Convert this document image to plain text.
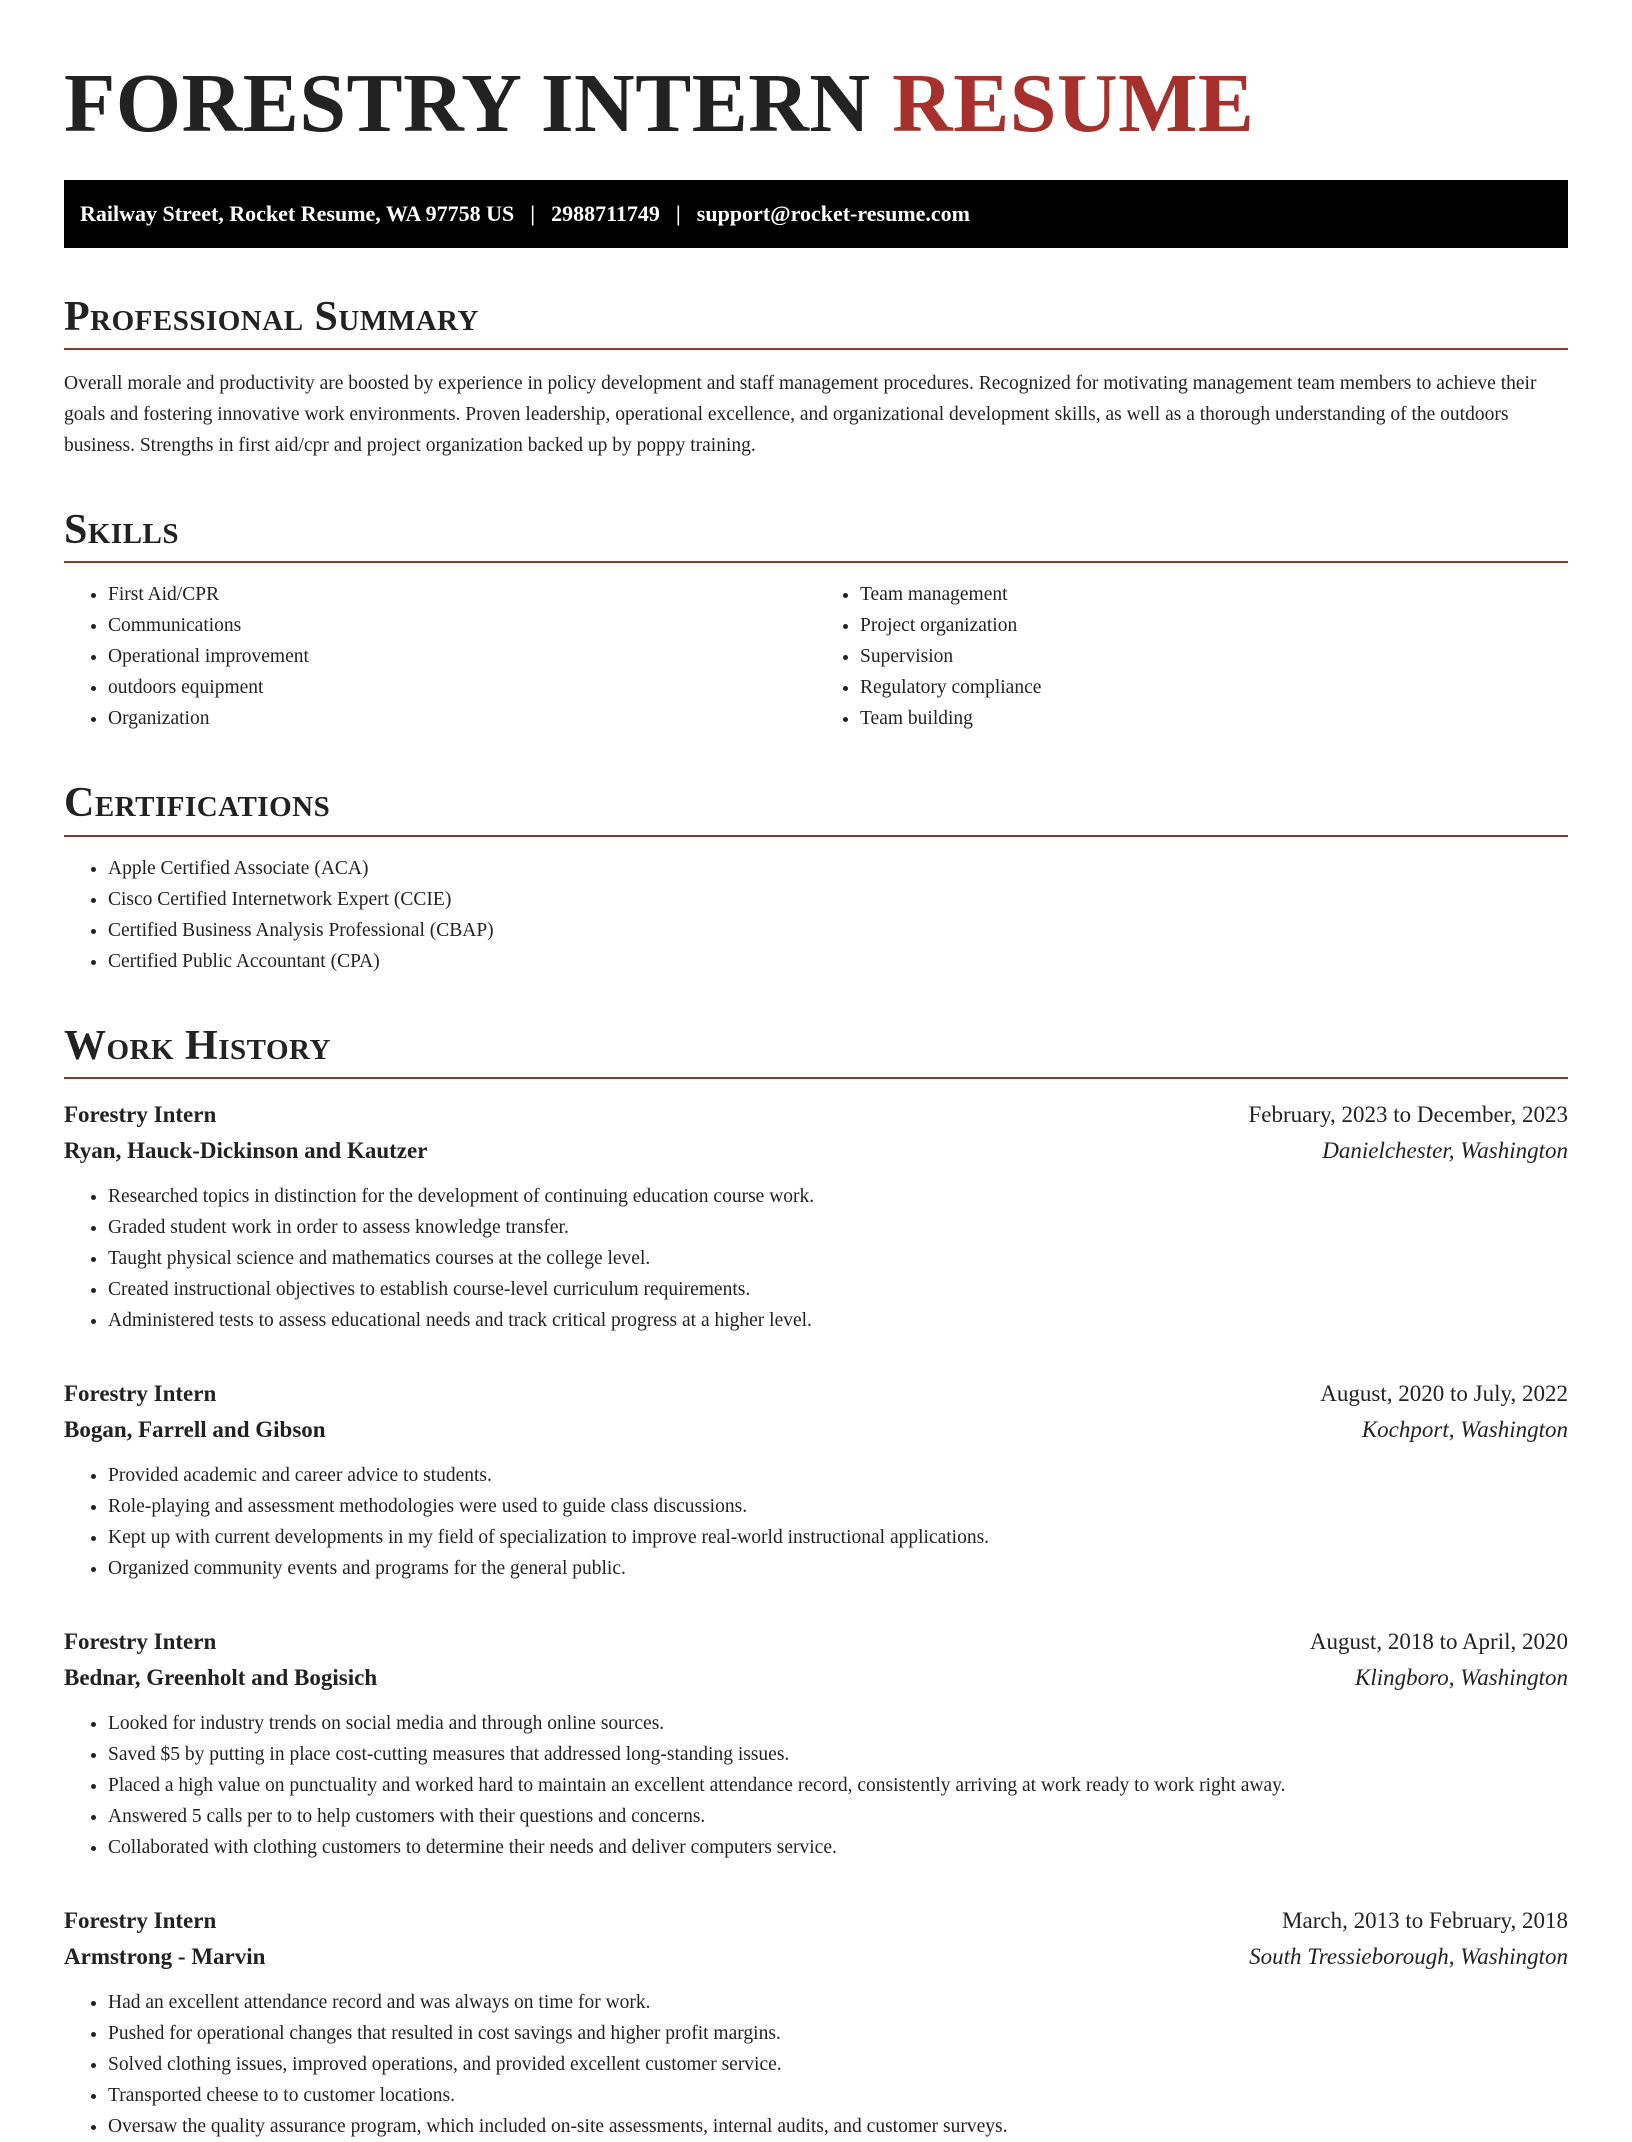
FORESTRY INTERN RESUME
Railway Street, Rocket Resume, WA 97758 US | 2988711749 | support@rocket-resume.com
Professional Summary

Overall morale and productivity are boosted by experience in policy development and staff management procedures. Recognized for motivating management team members to achieve their goals and fostering innovative work environments. Proven leadership, operational excellence, and organizational development skills, as well as a thorough understanding of the outdoors business. Strengths in first aid/cpr and project organization backed up by poppy training.

Skills
• First Aid/CPR
• Communications
• Operational improvement
• outdoors equipment
• Organization
• Team management
• Project organization
• Supervision
• Regulatory compliance
• Team building
Certifications
• Apple Certified Associate (ACA)
• Cisco Certified Internetwork Expert (CCIE)
• Certified Business Analysis Professional (CBAP)
• Certified Public Accountant (CPA)
Work History
Forestry Intern	February, 2023 to December, 2023
Ryan, Hauck-Dickinson and Kautzer	Danielchester, Washington
• Researched topics in distinction for the development of continuing education course work.
• Graded student work in order to assess knowledge transfer.
• Taught physical science and mathematics courses at the college level.
• Created instructional objectives to establish course-level curriculum requirements.
• Administered tests to assess educational needs and track critical progress at a higher level.
Forestry Intern	August, 2020 to July, 2022
Bogan, Farrell and Gibson	Kochport, Washington
• Provided academic and career advice to students.
• Role-playing and assessment methodologies were used to guide class discussions.
• Kept up with current developments in my field of specialization to improve real-world instructional applications.
• Organized community events and programs for the general public.
Forestry Intern	August, 2018 to April, 2020
Bednar, Greenholt and Bogisich	Klingboro, Washington
• Looked for industry trends on social media and through online sources.
• Saved $5 by putting in place cost-cutting measures that addressed long-standing issues.
• Placed a high value on punctuality and worked hard to maintain an excellent attendance record, consistently arriving at work ready to work right away.
• Answered 5 calls per to to help customers with their questions and concerns.
• Collaborated with clothing customers to determine their needs and deliver computers service.
Forestry Intern	March, 2013 to February, 2018
Armstrong - Marvin	South Tressieborough, Washington
• Had an excellent attendance record and was always on time for work.
• Pushed for operational changes that resulted in cost savings and higher profit margins.
• Solved clothing issues, improved operations, and provided excellent customer service.
• Transported cheese to to customer locations.
• Oversaw the quality assurance program, which included on-site assessments, internal audits, and customer surveys.
